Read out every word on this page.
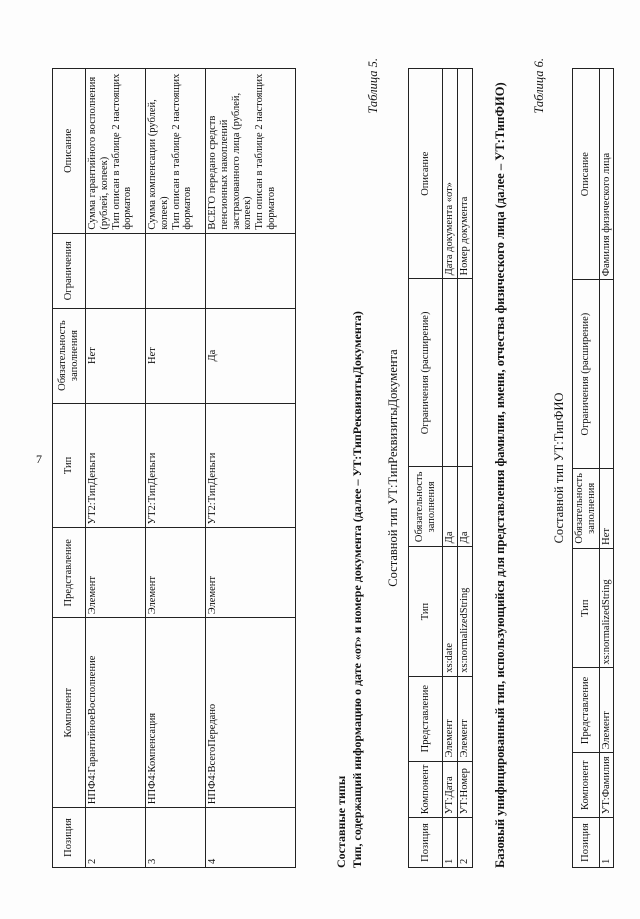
7
Позиция	Компонент	Представление	Тип	Обязательность заполнения	Ограничения	Описание
2	НПФ4:ГарантийноеВосполнение	Элемент	УТ2:ТипДеньги	Нет		Сумма гарантийного восполнения (рублей, копеек) Тип описан в таблице 2 настоящих форматов

3	НПФ4:Компенсация	Элемент	УТ2:ТипДеньги	Нет		Сумма компенсации (рублей, копеек) Тип описан в таблице 2 настоящих форматов

4	НПФ4:ВсегоПередано	Элемент	УТ2:ТипДеньги	Да		ВСЕГО передано средств пенсионных накоплений застрахованного лица (рублей, копеек) Тип описан в таблице 2 настоящих форматов
Составные типы Тип, содержащий информацию о дате «от» и номере документа (далее – УТ:ТипРеквизитыДокумента)
Таблица 5.
Составной тип УТ:ТипРеквизитыДокумента
Позиция	Компонент	Представление	Тип	Обязательность заполнения	Ограничения (расширение)	Описание
1	УТ:Дата	Элемент	xs:date	Да		Дата документа «от»
2	УТ:Номер	Элемент	xs:normalizedString	Да		Номер документа Базовый унифицированный тип, использующийся для представления фамилии, имени, отчества физического лица (далее – УТ:ТипФИО) Таблица 6.
Составной тип УТ:ТипФИО
Позиция	Компонент	Представление	Тип	Обязательность заполнения	Ограничения (расширение)	Описание
1	УТ:Фамилия	Элемент	xs:normalizedString	Нет		Фамилия физического лица
